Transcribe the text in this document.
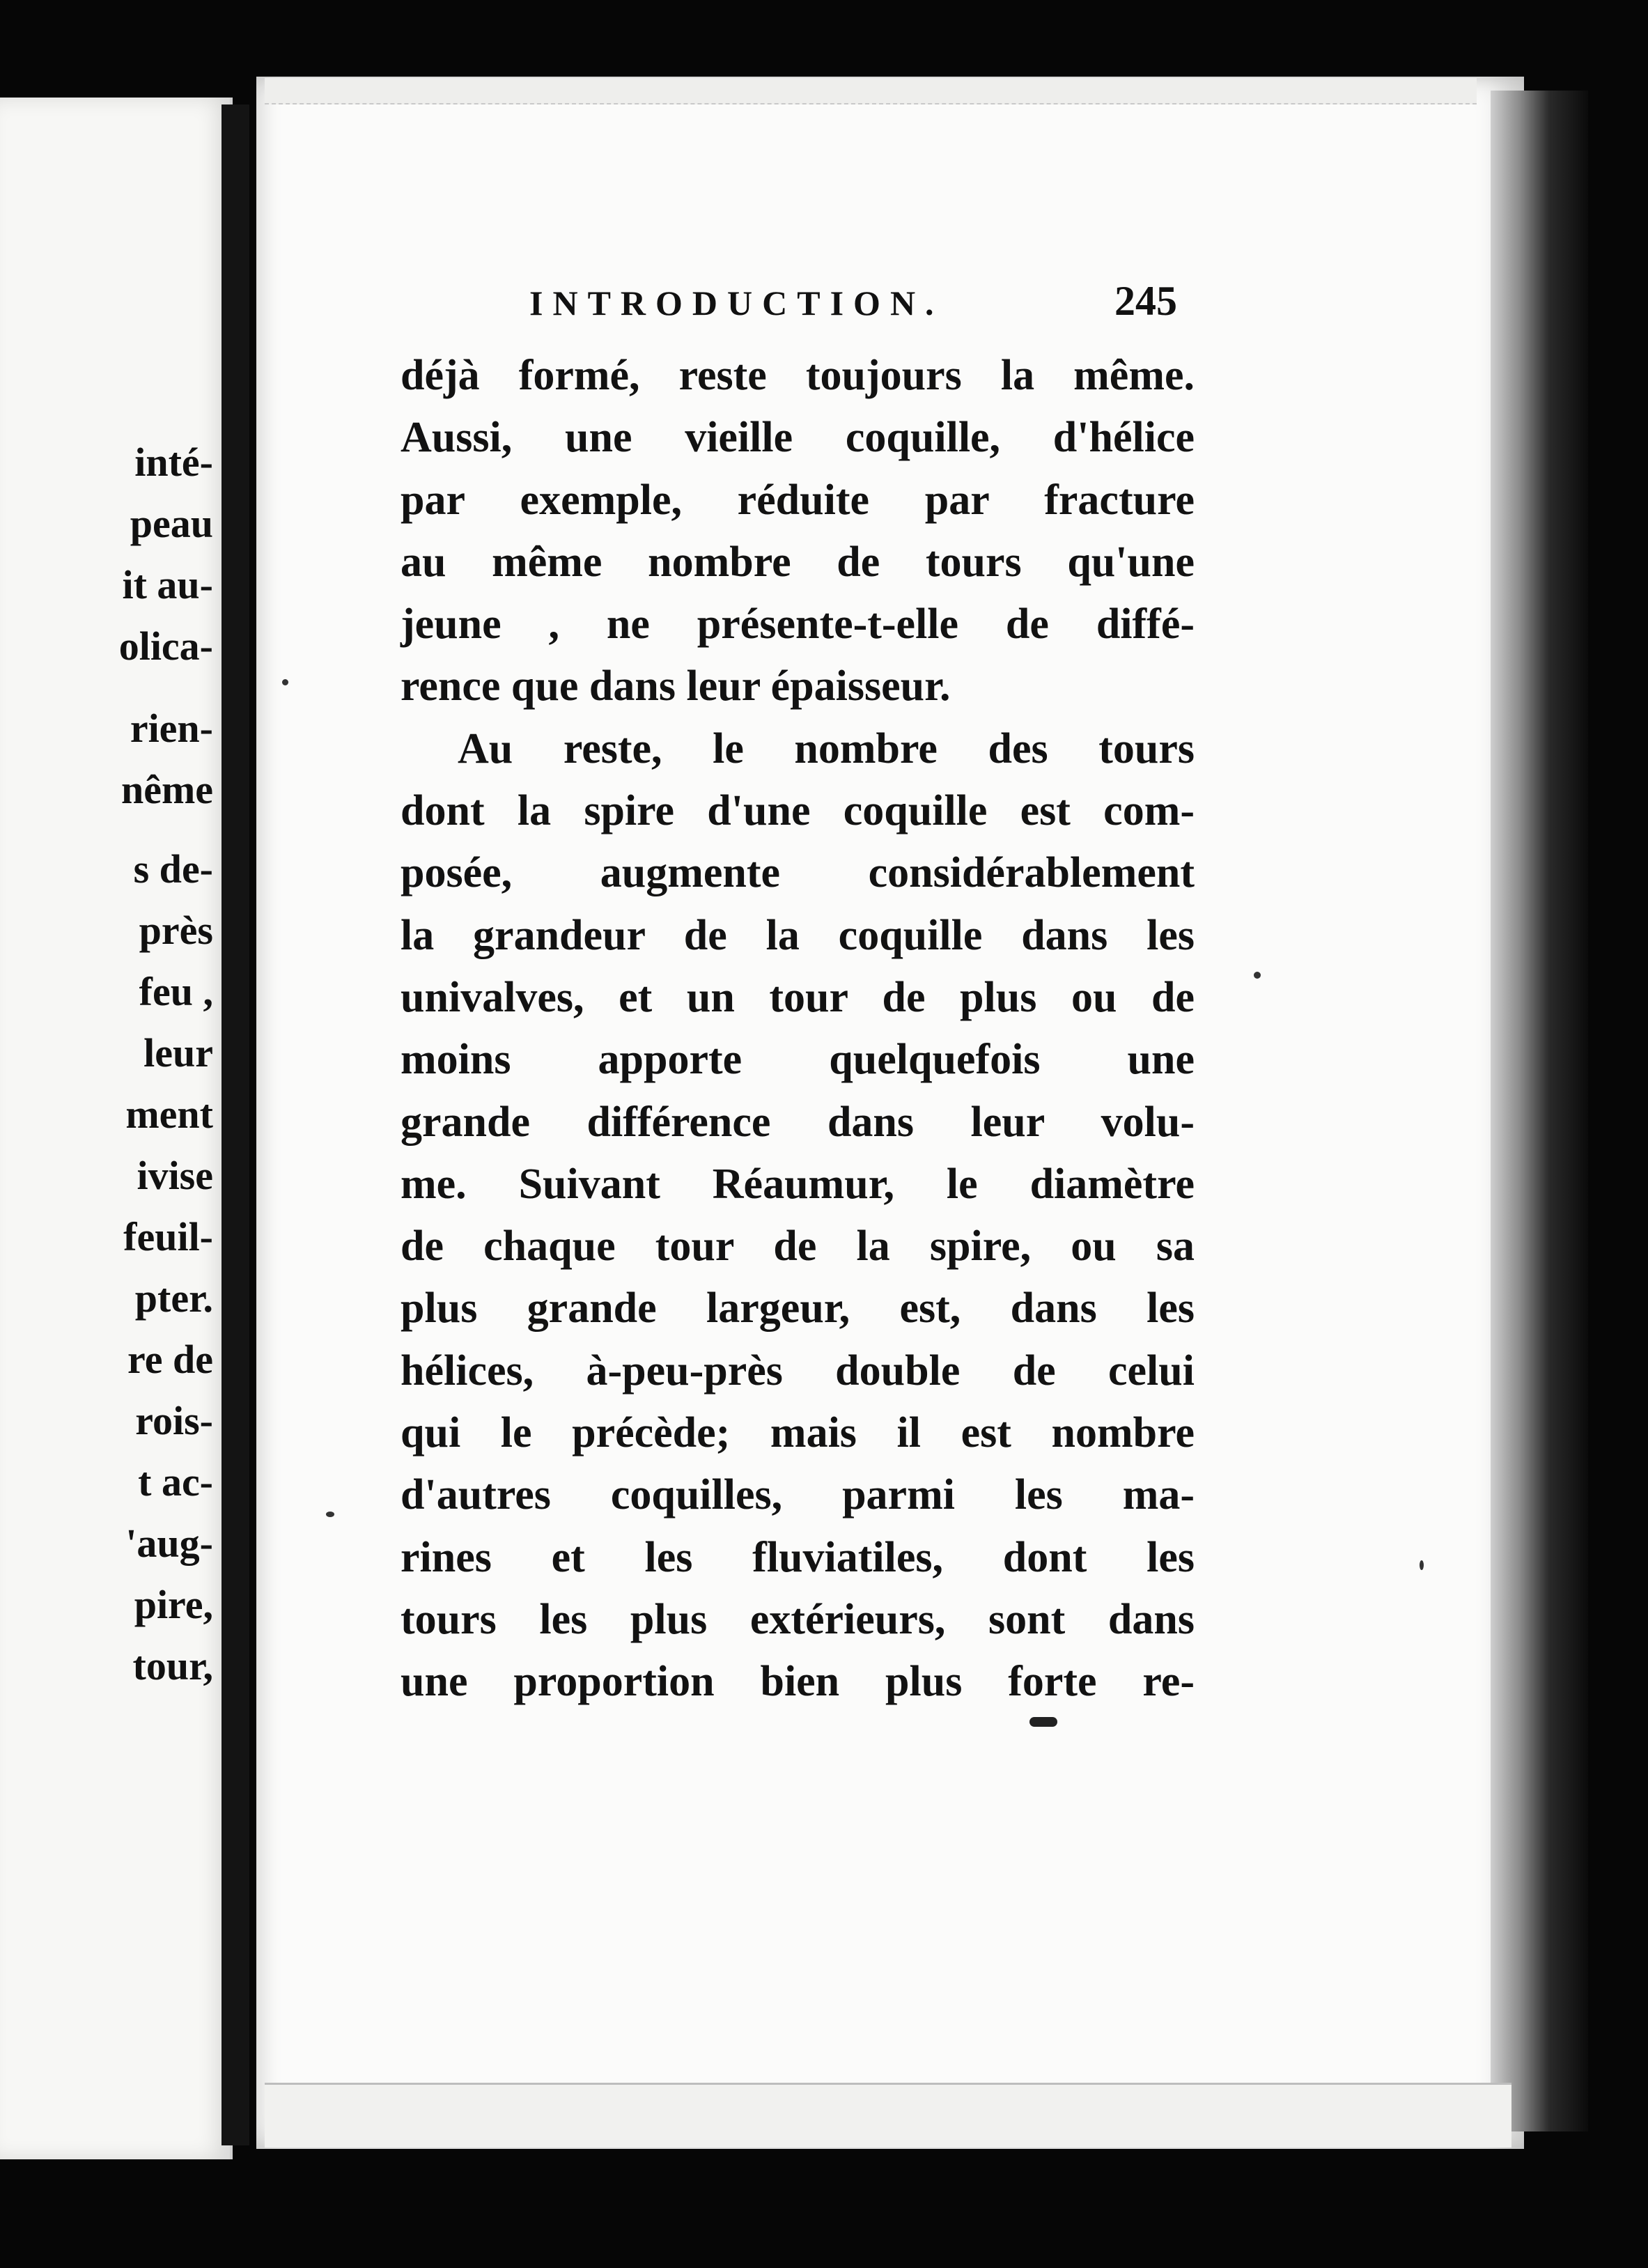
inté-
peau
it au-
olica-
rien-
nême
s de-
près
feu ,
leur
ment
ivise
feuil-
pter.
re de
rois-
t ac-
'aug-
pire,
tour,
INTRODUCTION.	245
déjà formé, reste toujours la même.
Aussi, une vieille coquille, d'hélice
par exemple, réduite par fracture
au même nombre de tours qu'une
jeune , ne présente-t-elle de diffé-
rence que dans leur épaisseur.
Au reste, le nombre des tours
dont la spire d'une coquille est com-
posée, augmente considérablement
la grandeur de la coquille dans les
univalves, et un tour de plus ou de
moins apporte quelquefois une
grande différence dans leur volu-
me. Suivant Réaumur, le diamètre
de chaque tour de la spire, ou sa
plus grande largeur, est, dans les
hélices, à-peu-près double de celui
qui le précède; mais il est nombre
d'autres coquilles, parmi les ma-
rines et les fluviatiles, dont les
tours les plus extérieurs, sont dans
une proportion bien plus forte re-
